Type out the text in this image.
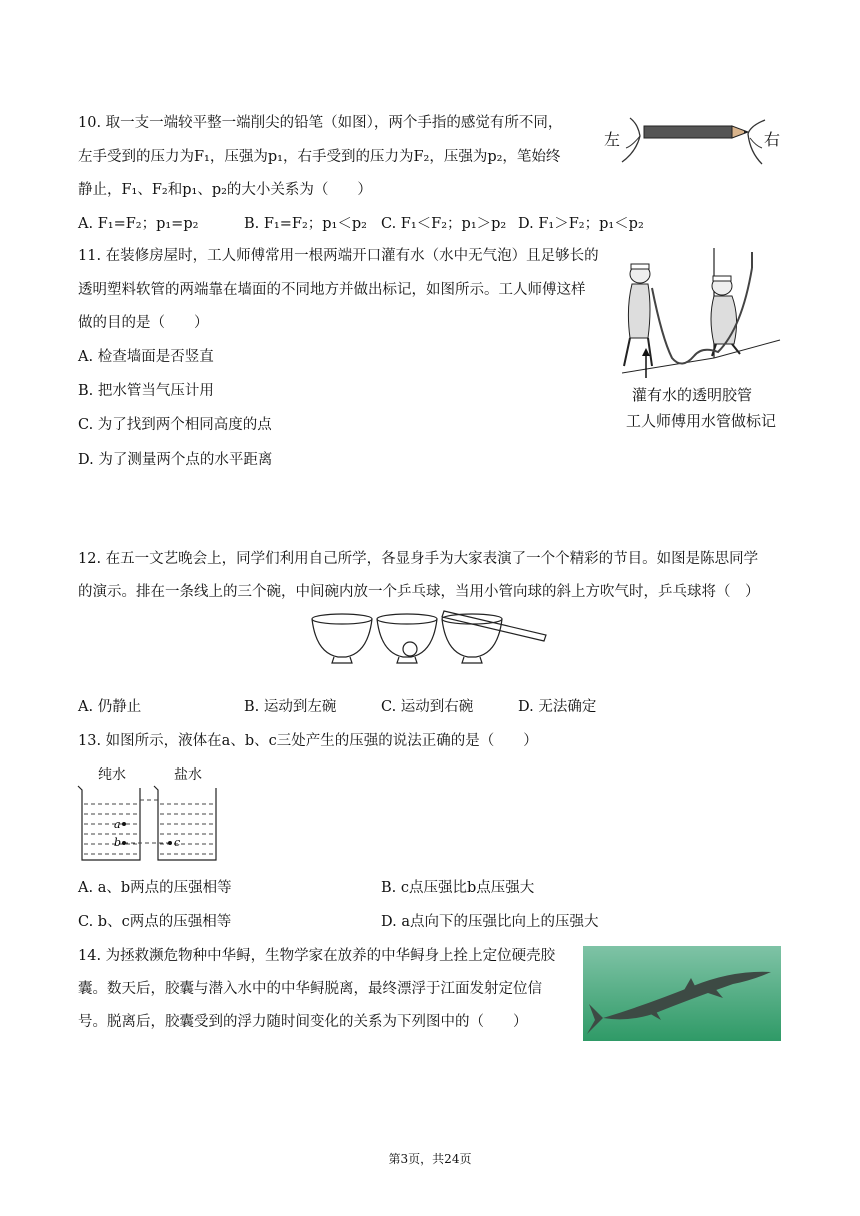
10. 取一支一端较平整一端削尖的铅笔（如图），两个手指的感觉有所不同，
左手受到的压力为F₁，压强为p₁，右手受到的压力为F₂，压强为p₂，笔始终
静止，F₁、F₂和p₁、p₂的大小关系为（　　）
A. F₁=F₂；p₁=p₂	B. F₁=F₂；p₁＜p₂ C. F₁＜F₂；p₁＞p₂ D. F₁＞F₂；p₁＜p₂
左	右
11. 在装修房屋时，工人师傅常用一根两端开口灌有水（水中无气泡）且足够长的
透明塑料软管的两端靠在墙面的不同地方并做出标记，如图所示。工人师傅这样
做的目的是（　　）
A. 检查墙面是否竖直
B. 把水管当气压计用
C. 为了找到两个相同高度的点
D. 为了测量两个点的水平距离
灌有水的透明胶管
工人师傅用水管做标记
12. 在五一文艺晚会上，同学们利用自己所学，各显身手为大家表演了一个个精彩的节目。如图是陈思同学
的演示。排在一条线上的三个碗，中间碗内放一个乒乓球，当用小管向球的斜上方吹气时，乒乓球将（　）
A. 仍静止	B. 运动到左碗	C. 运动到右碗	D. 无法确定
13. 如图所示，液体在a、b、c三处产生的压强的说法正确的是（　　）
纯水	盐水
a
b	c
A. a、b两点的压强相等	B. c点压强比b点压强大
C. b、c两点的压强相等	D. a点向下的压强比向上的压强大
14. 为拯救濒危物种中华鲟，生物学家在放养的中华鲟身上拴上定位硬壳胶
囊。数天后，胶囊与潜入水中的中华鲟脱离，最终漂浮于江面发射定位信
号。脱离后，胶囊受到的浮力随时间变化的关系为下列图中的（　　）
第3页，共24页
